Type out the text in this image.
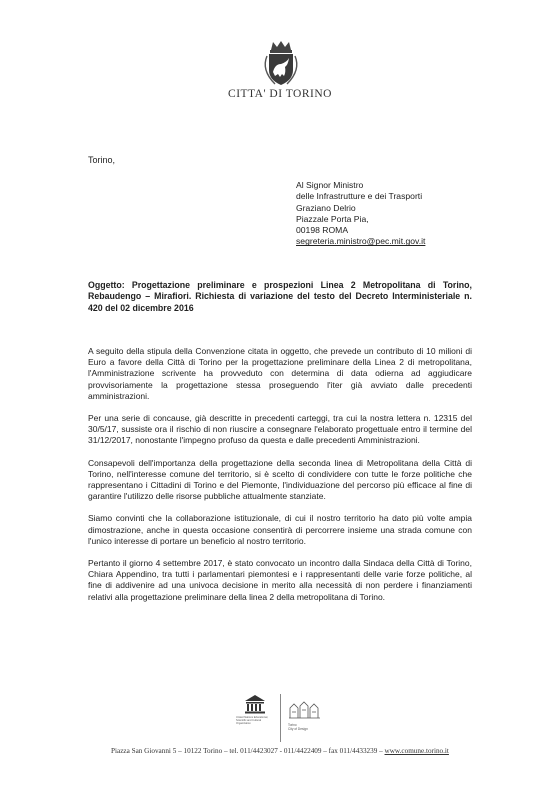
CITTA' DI TORINO
Torino,
Al Signor Ministro
delle Infrastrutture e dei Trasporti
Graziano Delrio
Piazzale Porta Pia,
00198 ROMA
segreteria.ministro@pec.mit.gov.it
Oggetto: Progettazione preliminare e prospezioni Linea 2 Metropolitana di Torino, Rebaudengo – Mirafiori. Richiesta di variazione del testo del Decreto Interministeriale n. 420 del 02 dicembre 2016

A seguito della stipula della Convenzione citata in oggetto, che prevede un contributo di 10 milioni di Euro a favore della Città di Torino per la progettazione preliminare della Linea 2 di metropolitana, l'Amministrazione scrivente ha provveduto con determina di data odierna ad aggiudicare provvisoriamente la progettazione stessa proseguendo l'iter già avviato dalle precedenti amministrazioni.

Per una serie di concause, già descritte in precedenti carteggi, tra cui la nostra lettera n. 12315 del 30/5/17, sussiste ora il rischio di non riuscire a consegnare l'elaborato progettuale entro il termine del 31/12/2017, nonostante l'impegno profuso da questa e dalle precedenti Amministrazioni.

Consapevoli dell'importanza della progettazione della seconda linea di Metropolitana della Città di Torino, nell'interesse comune del territorio, si è scelto di condividere con tutte le forze politiche che rappresentano i Cittadini di Torino e del Piemonte, l'individuazione del percorso più efficace al fine di garantire l'utilizzo delle risorse pubbliche attualmente stanziate.

Siamo convinti che la collaborazione istituzionale, di cui il nostro territorio ha dato più volte ampia dimostrazione, anche in questa occasione consentirà di percorrere insieme una strada comune con l'unico interesse di portare un beneficio al nostro territorio.

Pertanto il giorno 4 settembre 2017, è stato convocato un incontro dalla Sindaca della Città di Torino, Chiara Appendino, tra tutti i parlamentari piemontesi e i rappresentanti delle varie forze politiche, al fine di addivenire ad una univoca decisione in merito alla necessità di non perdere i finanziamenti relativi alla progettazione preliminare della linea 2 della metropolitana di Torino.

United Nations Educational, Scientific and Cultural Organization	Torino
City of Design
Piazza San Giovanni 5 – 10122 Torino – tel. 011/4423027 - 011/4422409 – fax 011/4433239 – www.comune.torino.it
